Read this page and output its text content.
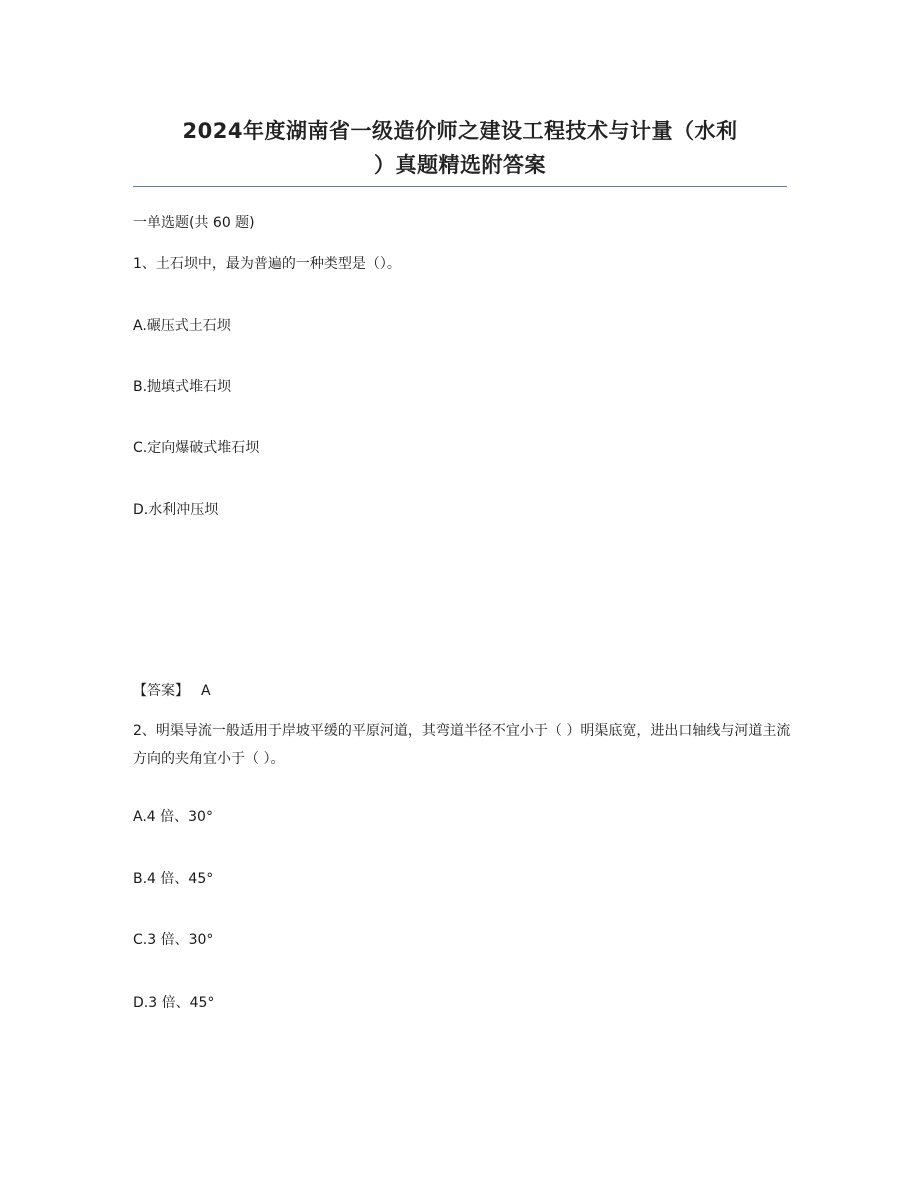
2024年度湖南省一级造价师之建设工程技术与计量（水利
）真题精选附答案
一单选题(共 60 题)
1、土石坝中，最为普遍的一种类型是（）。
A.碾压式土石坝
B.抛填式堆石坝
C.定向爆破式堆石坝
D.水利冲压坝
【答案】 A
2、明渠导流一般适用于岸坡平缓的平原河道，其弯道半径不宜小于（ ）明渠底宽，进出口轴线与河道主流方向的夹角宜小于（ ）。
A.4 倍、30°
B.4 倍、45°
C.3 倍、30°
D.3 倍、45°
